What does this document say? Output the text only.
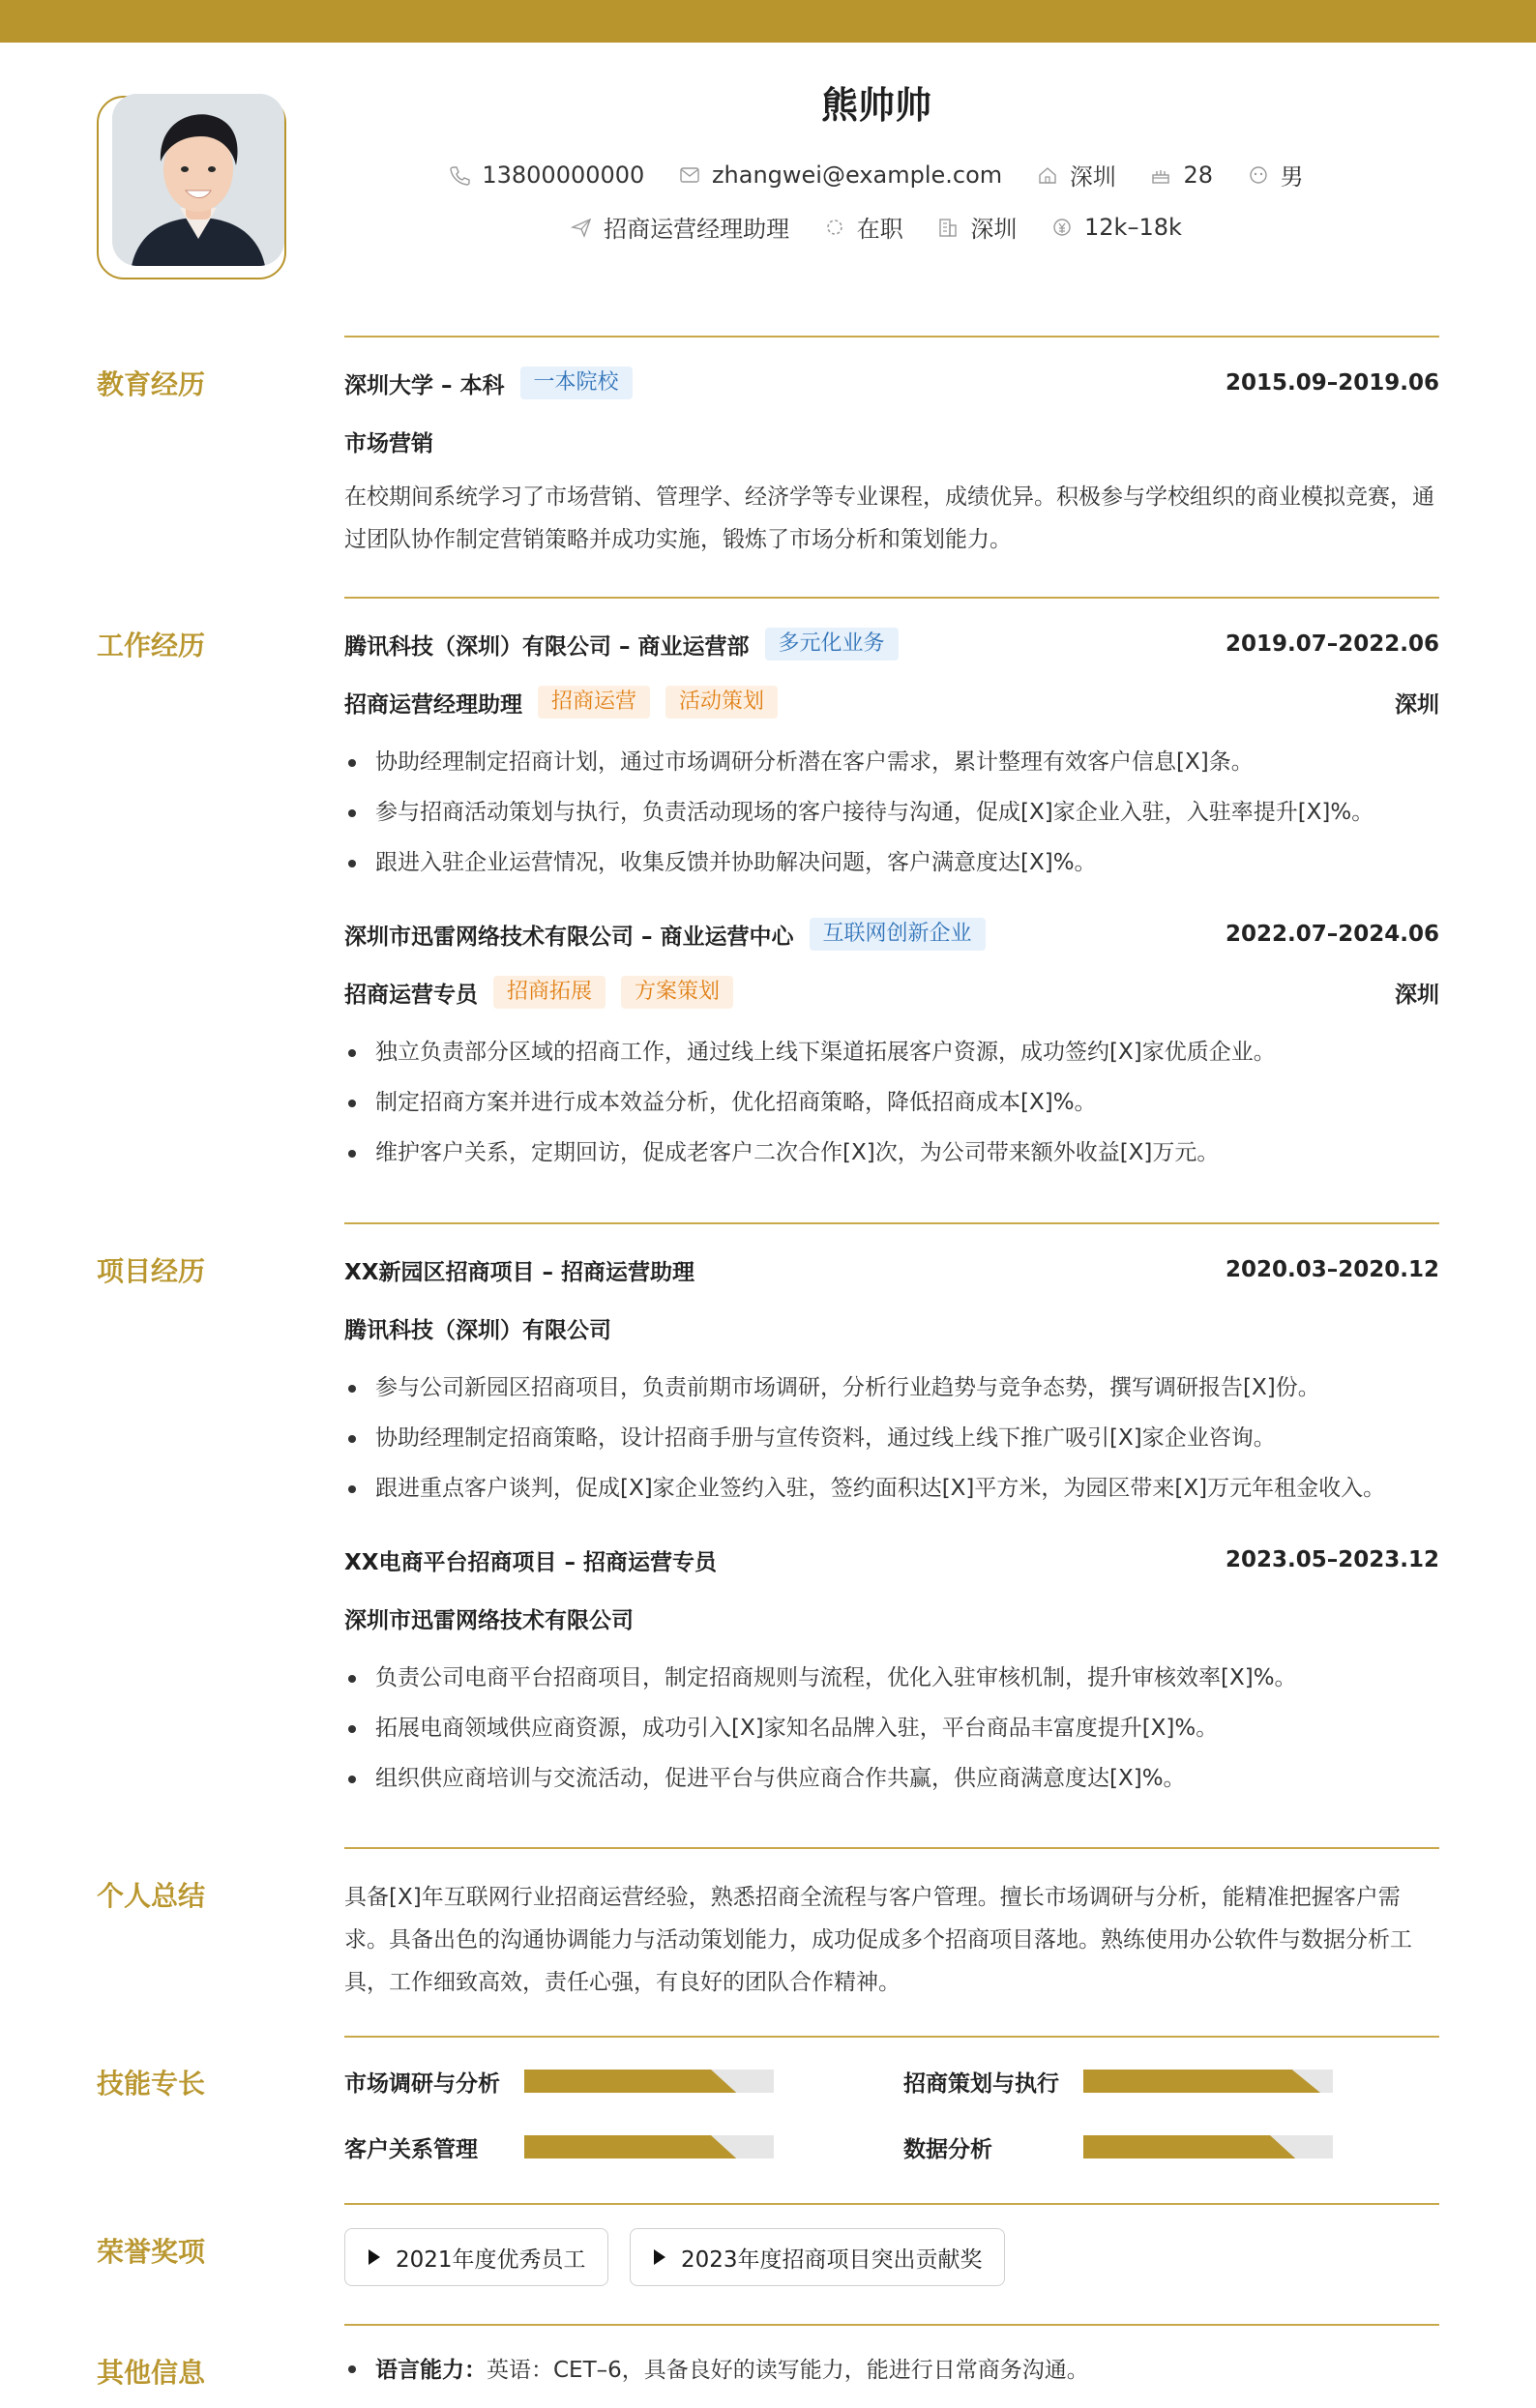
熊帅帅
13800000000
	zhangwei@example.com
	深圳
	28
	男
招商运营经理助理
	在职
	深圳
	12k–18k
教育经历	深圳大学 – 本科	一本院校	2015.09–2019.06
市场营销
在校期间系统学习了市场营销、管理学、经济学等专业课程，成绩优异。积极参与学校组织的商业模拟竞赛，通过团队协作制定营销策略并成功实施，锻炼了市场分析和策划能力。
工作经历	腾讯科技（深圳）有限公司 – 商业运营部	多元化业务	2019.07–2022.06
招商运营经理助理	招商运营	活动策划	深圳
协助经理制定招商计划，通过市场调研分析潜在客户需求，累计整理有效客户信息[X]条。
参与招商活动策划与执行，负责活动现场的客户接待与沟通，促成[X]家企业入驻，入驻率提升[X]%。
跟进入驻企业运营情况，收集反馈并协助解决问题，客户满意度达[X]%。
深圳市迅雷网络技术有限公司 – 商业运营中心	互联网创新企业	2022.07–2024.06
招商运营专员	招商拓展	方案策划	深圳
独立负责部分区域的招商工作，通过线上线下渠道拓展客户资源，成功签约[X]家优质企业。
制定招商方案并进行成本效益分析，优化招商策略，降低招商成本[X]%。
维护客户关系，定期回访，促成老客户二次合作[X]次，为公司带来额外收益[X]万元。
项目经历	XX新园区招商项目 – 招商运营助理	2020.03–2020.12
腾讯科技（深圳）有限公司
参与公司新园区招商项目，负责前期市场调研，分析行业趋势与竞争态势，撰写调研报告[X]份。
协助经理制定招商策略，设计招商手册与宣传资料，通过线上线下推广吸引[X]家企业咨询。
跟进重点客户谈判，促成[X]家企业签约入驻，签约面积达[X]平方米，为园区带来[X]万元年租金收入。
XX电商平台招商项目 – 招商运营专员	2023.05–2023.12
深圳市迅雷网络技术有限公司
负责公司电商平台招商项目，制定招商规则与流程，优化入驻审核机制，提升审核效率[X]%。
拓展电商领域供应商资源，成功引入[X]家知名品牌入驻，平台商品丰富度提升[X]%。
组织供应商培训与交流活动，促进平台与供应商合作共赢，供应商满意度达[X]%。
个人总结	具备[X]年互联网行业招商运营经验，熟悉招商全流程与客户管理。擅长市场调研与分析，能精准把握客户需求。具备出色的沟通协调能力与活动策划能力，成功促成多个招商项目落地。熟练使用办公软件与数据分析工具，工作细致高效，责任心强，有良好的团队合作精神。
技能专长	市场调研与分析	招商策划与执行
客户关系管理	数据分析
荣誉奖项	2021年度优秀员工	2023年度招商项目突出贡献奖
其他信息	语言能力：英语：CET–6，具备良好的读写能力，能进行日常商务沟通。
